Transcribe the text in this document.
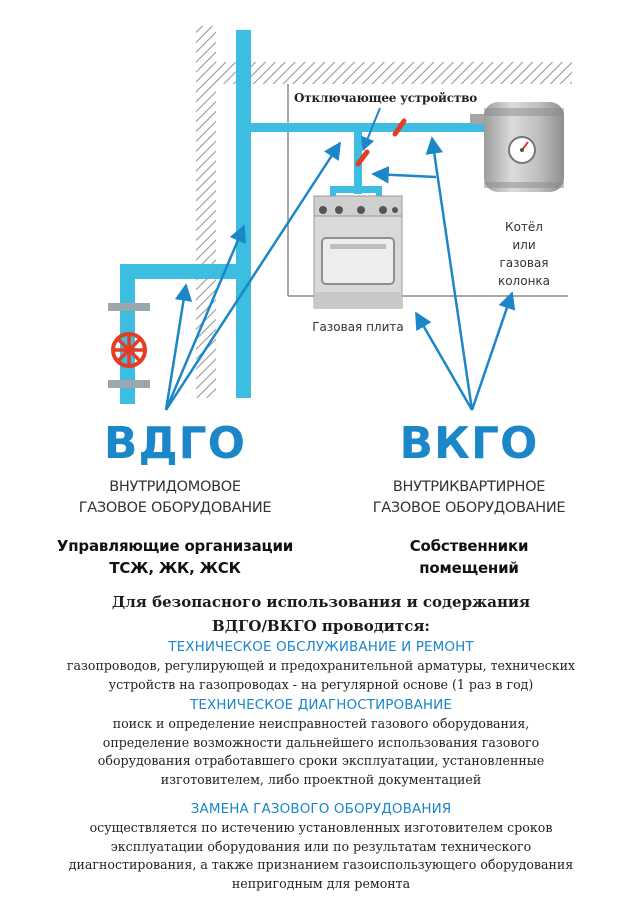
Отключающее устройство
Газовая плита
Котёл
или
газовая
колонка
ВДГО
ВНУТРИДОМОВОЕ
ГАЗОВОЕ ОБОРУДОВАНИЕ
Управляющие организации
ТСЖ, ЖК, ЖСК
ВКГО
ВНУТРИКВАРТИРНОЕ
ГАЗОВОЕ ОБОРУДОВАНИЕ
Собственники
помещений
Для безопасного использования и содержания
ВДГО/ВКГО проводится:
ТЕХНИЧЕСКОЕ ОБСЛУЖИВАНИЕ И РЕМОНТ
газопроводов, регулирующей и предохранительной арматуры, технических
устройств на газопроводах - на регулярной основе (1 раз в год)
ТЕХНИЧЕСКОЕ ДИАГНОСТИРОВАНИЕ
поиск и определение неисправностей газового оборудования,
определение возможности дальнейшего использования газового
оборудования отработавшего сроки эксплуатации, установленные
изготовителем, либо проектной документацией
ЗАМЕНА ГАЗОВОГО ОБОРУДОВАНИЯ
осуществляется по истечению установленных изготовителем сроков
эксплуатации оборудования или по результатам технического
диагностирования, а также признанием газоиспользующего оборудования
непригодным для ремонта
